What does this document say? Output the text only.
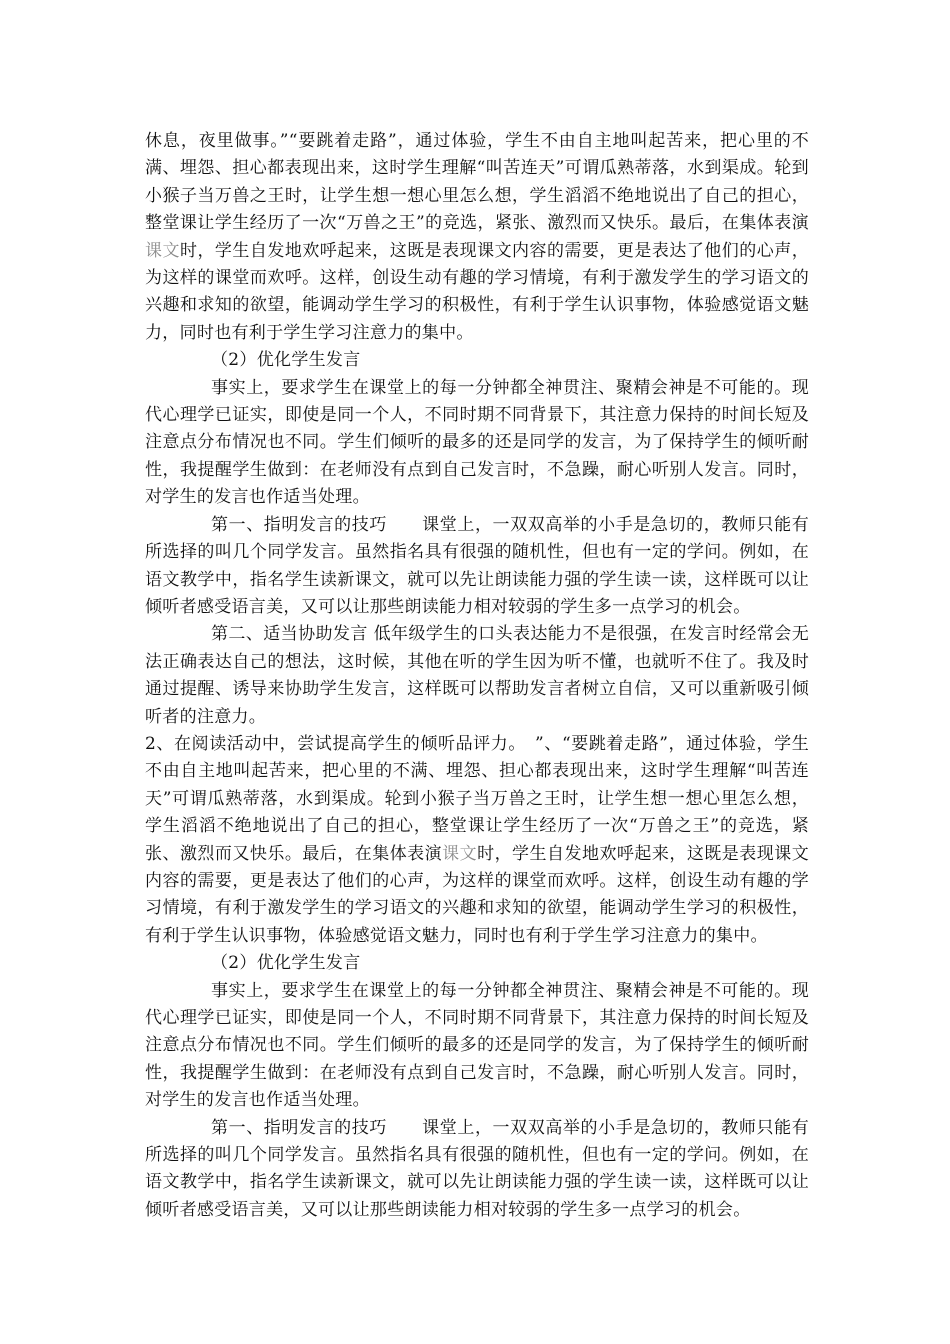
休息，夜里做事。”“要跳着走路”，通过体验，学生不由自主地叫起苦来，把心里的不满、埋怨、担心都表现出来，这时学生理解“叫苦连天”可谓瓜熟蒂落，水到渠成。轮到小猴子当万兽之王时，让学生想一想心里怎么想，学生滔滔不绝地说出了自己的担心，整堂课让学生经历了一次“万兽之王”的竞选，紧张、激烈而又快乐。最后，在集体表演课文时，学生自发地欢呼起来，这既是表现课文内容的需要，更是表达了他们的心声，为这样的课堂而欢呼。这样，创设生动有趣的学习情境，有利于激发学生的学习语文的兴趣和求知的欲望，能调动学生学习的积极性，有利于学生认识事物，体验感觉语文魅力，同时也有利于学生学习注意力的集中。

（2）优化学生发言

事实上，要求学生在课堂上的每一分钟都全神贯注、聚精会神是不可能的。现代心理学已证实，即使是同一个人，不同时期不同背景下，其注意力保持的时间长短及注意点分布情况也不同。学生们倾听的最多的还是同学的发言，为了保持学生的倾听耐性，我提醒学生做到：在老师没有点到自己发言时，不急躁，耐心听别人发言。同时，对学生的发言也作适当处理。

第一、指明发言的技巧　　课堂上，一双双高举的小手是急切的，教师只能有所选择的叫几个同学发言。虽然指名具有很强的随机性，但也有一定的学问。例如，在语文教学中，指名学生读新课文，就可以先让朗读能力强的学生读一读，这样既可以让倾听者感受语言美，又可以让那些朗读能力相对较弱的学生多一点学习的机会。

第二、适当协助发言 低年级学生的口头表达能力不是很强，在发言时经常会无法正确表达自己的想法，这时候，其他在听的学生因为听不懂，也就听不住了。我及时通过提醒、诱导来协助学生发言，这样既可以帮助发言者树立自信，又可以重新吸引倾听者的注意力。

2、在阅读活动中，尝试提高学生的倾听品评力。　”、“要跳着走路”，通过体验，学生不由自主地叫起苦来，把心里的不满、埋怨、担心都表现出来，这时学生理解“叫苦连天”可谓瓜熟蒂落，水到渠成。轮到小猴子当万兽之王时，让学生想一想心里怎么想，学生滔滔不绝地说出了自己的担心，整堂课让学生经历了一次“万兽之王”的竞选，紧张、激烈而又快乐。最后，在集体表演课文时，学生自发地欢呼起来，这既是表现课文内容的需要，更是表达了他们的心声，为这样的课堂而欢呼。这样，创设生动有趣的学习情境，有利于激发学生的学习语文的兴趣和求知的欲望，能调动学生学习的积极性，有利于学生认识事物，体验感觉语文魅力，同时也有利于学生学习注意力的集中。

（2）优化学生发言

事实上，要求学生在课堂上的每一分钟都全神贯注、聚精会神是不可能的。现代心理学已证实，即使是同一个人，不同时期不同背景下，其注意力保持的时间长短及注意点分布情况也不同。学生们倾听的最多的还是同学的发言，为了保持学生的倾听耐性，我提醒学生做到：在老师没有点到自己发言时，不急躁，耐心听别人发言。同时，对学生的发言也作适当处理。

第一、指明发言的技巧　　课堂上，一双双高举的小手是急切的，教师只能有所选择的叫几个同学发言。虽然指名具有很强的随机性，但也有一定的学问。例如，在语文教学中，指名学生读新课文，就可以先让朗读能力强的学生读一读，这样既可以让倾听者感受语言美，又可以让那些朗读能力相对较弱的学生多一点学习的机会。
